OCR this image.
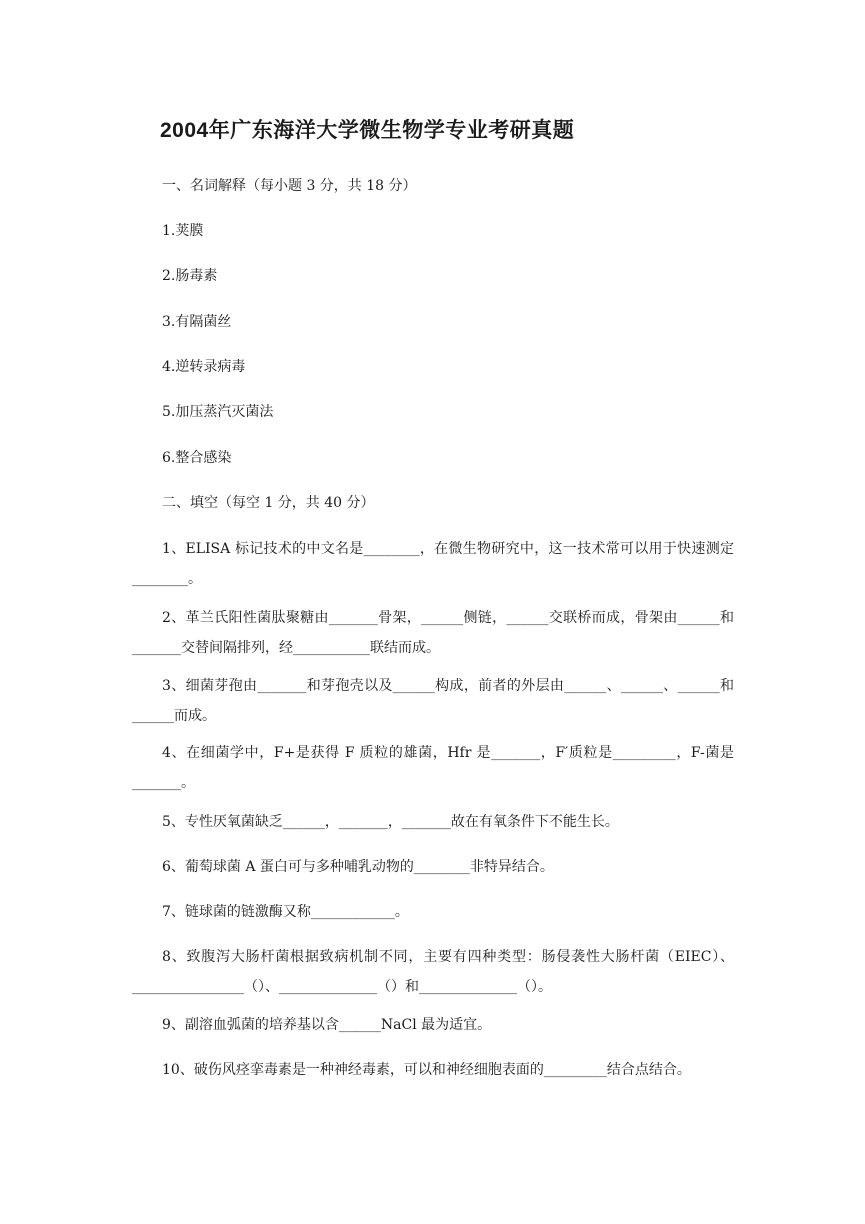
2004年广东海洋大学微生物学专业考研真题
一、名词解释（每小题 3 分，共 18 分）
1.荚膜
2.肠毒素
3.有隔菌丝
4.逆转录病毒
5.加压蒸汽灭菌法
6.整合感染
二、填空（每空 1 分，共 40 分）
1、ELISA 标记技术的中文名是________，在微生物研究中，这一技术常可以用于快速测定________。
2、革兰氏阳性菌肽聚糖由_______骨架，______侧链，______交联桥而成，骨架由______和_______交替间隔排列，经___________联结而成。
3、细菌芽孢由_______和芽孢壳以及______构成，前者的外层由______、______、______和______而成。
4、在细菌学中，F+是获得 F 质粒的雄菌，Hfr 是_______，F′质粒是_________，F-菌是_______。
5、专性厌氧菌缺乏______，_______，_______故在有氧条件下不能生长。
6、葡萄球菌 A 蛋白可与多种哺乳动物的________非特异结合。
7、链球菌的链激酶又称____________。
8、致腹泻大肠杆菌根据致病机制不同，主要有四种类型：肠侵袭性大肠杆菌（EIEC）、________________（）、______________（）和______________（）。
9、副溶血弧菌的培养基以含______NaCl 最为适宜。
10、破伤风痉挛毒素是一种神经毒素，可以和神经细胞表面的_________结合点结合。
